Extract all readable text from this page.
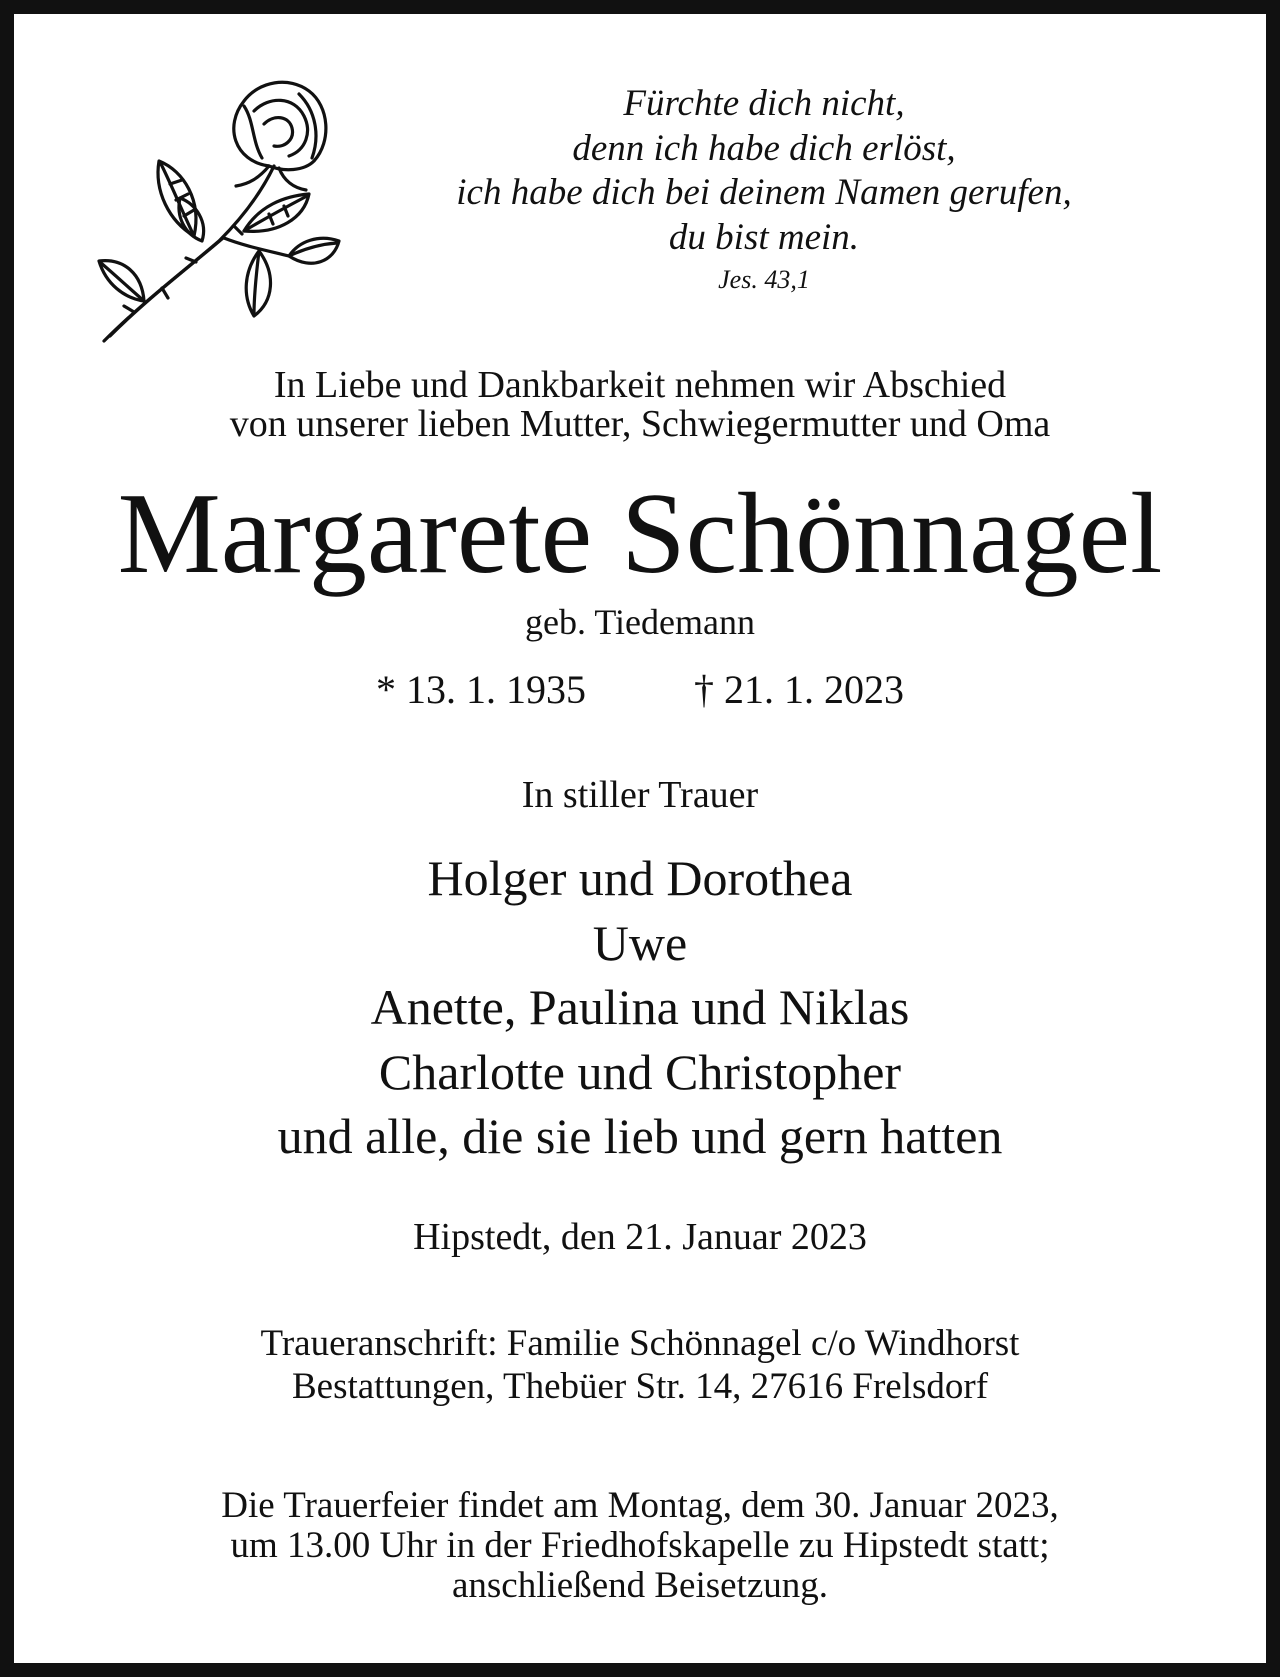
Fürchte dich nicht,
denn ich habe dich erlöst,
ich habe dich bei deinem Namen gerufen,
du bist mein.
Jes. 43,1
In Liebe und Dankbarkeit nehmen wir Abschied
von unserer lieben Mutter, Schwiegermutter und Oma
Margarete Schönnagel
geb. Tiedemann
* 13. 1. 1935	† 21. 1. 2023
In stiller Trauer
Holger und Dorothea
Uwe
Anette, Paulina und Niklas
Charlotte und Christopher
und alle, die sie lieb und gern hatten
Hipstedt, den 21. Januar 2023
Traueranschrift: Familie Schönnagel c/o Windhorst
Bestattungen, Thebüer Str. 14, 27616 Frelsdorf
Die Trauerfeier findet am Montag, dem 30. Januar 2023,
um 13.00 Uhr in der Friedhofskapelle zu Hipstedt statt;
anschließend Beisetzung.
